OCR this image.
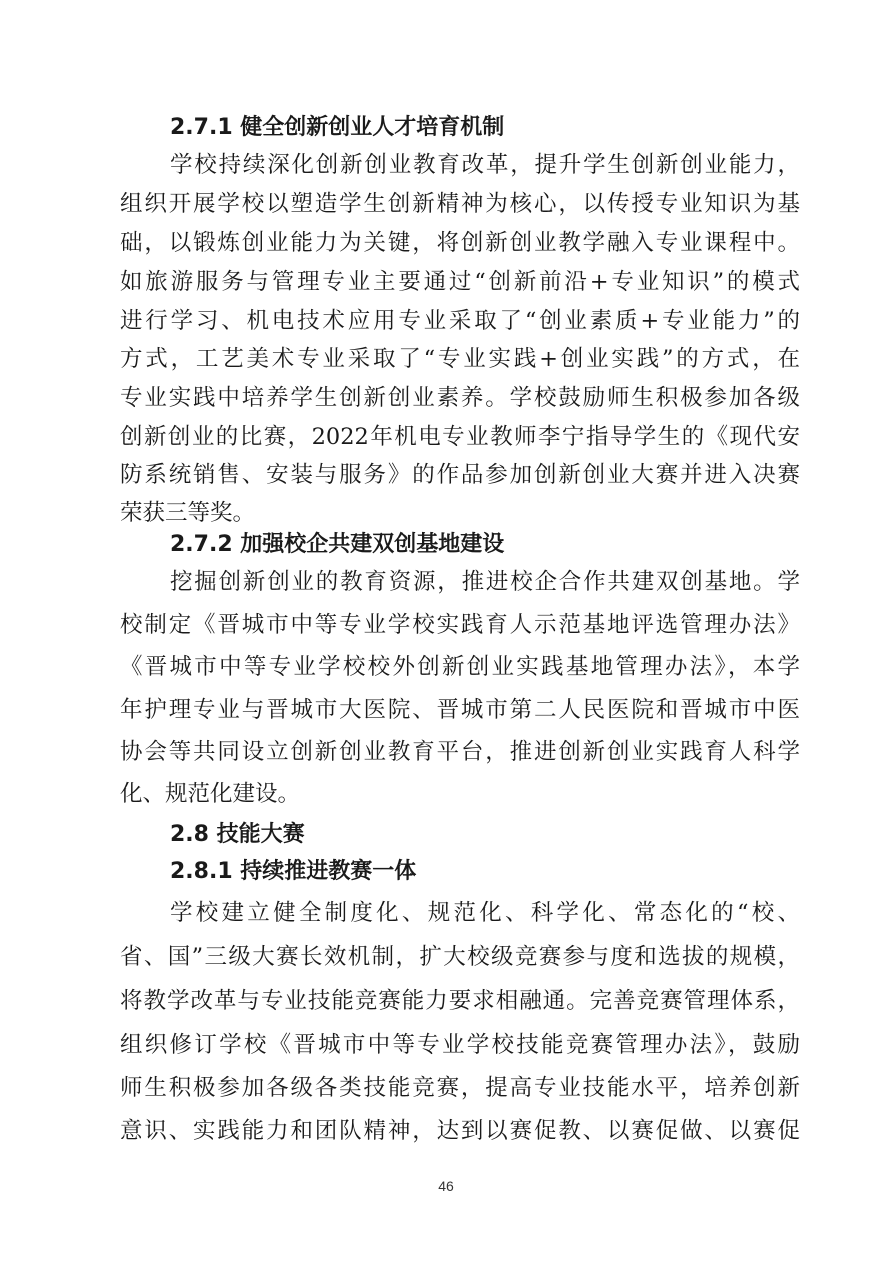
2.7.1 健全创新创业人才培育机制
学校持续深化创新创业教育改革，提升学生创新创业能力，
组织开展学校以塑造学生创新精神为核心，以传授专业知识为基
础，以锻炼创业能力为关键，将创新创业教学融入专业课程中。
如旅游服务与管理专业主要通过“创新前沿+专业知识”的模式
进行学习、机电技术应用专业采取了“创业素质+专业能力”的
方式，工艺美术专业采取了“专业实践+创业实践”的方式，在
专业实践中培养学生创新创业素养。学校鼓励师生积极参加各级
创新创业的比赛，2022年机电专业教师李宁指导学生的《现代安
防系统销售、安装与服务》的作品参加创新创业大赛并进入决赛
荣获三等奖。
2.7.2 加强校企共建双创基地建设
挖掘创新创业的教育资源，推进校企合作共建双创基地。学
校制定《晋城市中等专业学校实践育人示范基地评选管理办法》
《晋城市中等专业学校校外创新创业实践基地管理办法》，本学
年护理专业与晋城市大医院、晋城市第二人民医院和晋城市中医
协会等共同设立创新创业教育平台，推进创新创业实践育人科学
化、规范化建设。
2.8 技能大赛
2.8.1 持续推进教赛一体
学校建立健全制度化、规范化、科学化、常态化的“校、
省、国”三级大赛长效机制，扩大校级竞赛参与度和选拔的规模，
将教学改革与专业技能竞赛能力要求相融通。完善竞赛管理体系，
组织修订学校《晋城市中等专业学校技能竞赛管理办法》，鼓励
师生积极参加各级各类技能竞赛，提高专业技能水平，培养创新
意识、实践能力和团队精神，达到以赛促教、以赛促做、以赛促
46
